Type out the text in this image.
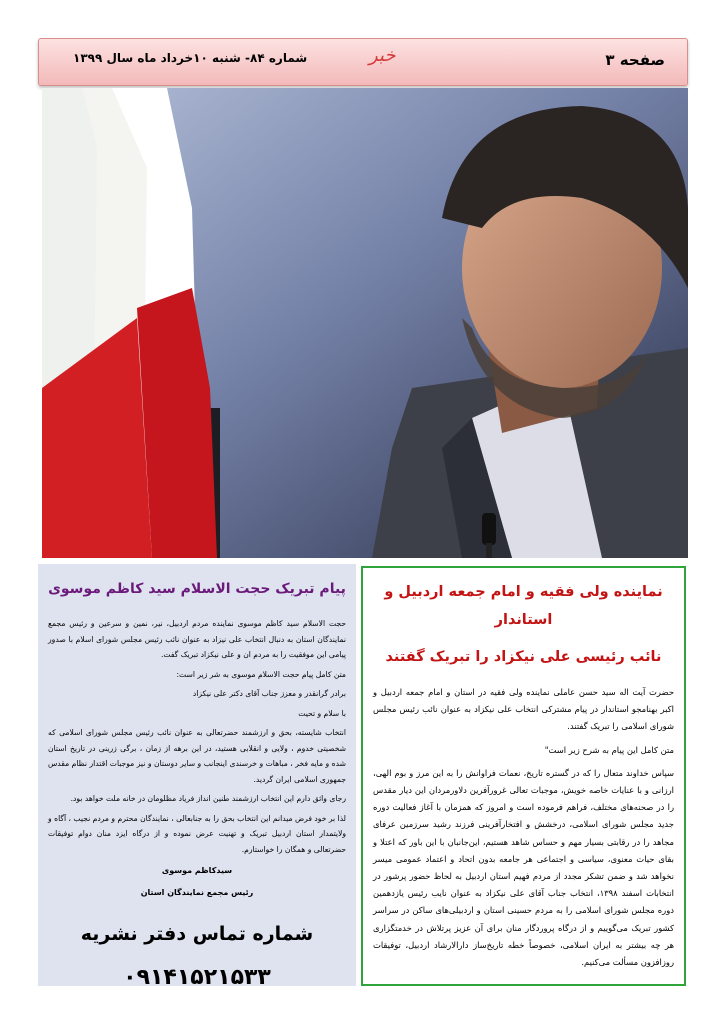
صفحه ۳
خبر
شماره ۸۴- شنبه ۱۰خرداد ماه سال ۱۳۹۹
نماینده ولی فقیه و امام جمعه اردبیل و استاندار
نائب رئیسی علی نیکزاد را تبریک گفتند

حضرت آیت اله سید حسن عاملی نماینده ولی فقیه در استان و امام جمعه اردبیل و اکبر بهنامجو استاندار در پیام مشترکی انتخاب علی نیکزاد به عنوان نائب رئیس مجلس شورای اسلامی را تبریک گفتند.

متن کامل این پیام به شرح زیر است"

سپاس خداوند متعال را که در گستره تاریخ، نعمات فراوانش را به این مرز و بوم الهی، ارزانی و با عنایات خاصه خویش، موجبات تعالی غرورآفرین دلاورمردان این دیار مقدس را در صحنه‌های مختلف، فراهم فرموده است و امروز که همزمان با آغاز فعالیت دوره جدید مجلس شورای اسلامی، درخشش و افتخارآفرینی فرزند رشید سرزمین عرفای مجاهد را در رقابتی بسیار مهم و حساس شاهد هستیم، این‌جانبان با این باور که اعتلا و بقای حیات معنوی، سیاسی و اجتماعی هر جامعه بدون اتحاد و اعتماد عمومی میسر نخواهد شد و ضمن تشکر مجدد از مردم فهیم استان اردبیل به لحاظ حضور پرشور در انتخابات اسفند ۱۳۹۸، انتخاب جناب آقای علی نیکزاد به عنوان نایب رئیس یازدهمین دوره مجلس شورای اسلامی را به مردم حسینی استان و اردبیلی‌های ساکن در سراسر کشور تبریک می‌گوییم و از درگاه پروردگار منان برای آن عزیز پرتلاش در خدمتگزاری هر چه بیشتر به ایران اسلامی، خصوصاً خطه تاریخ‌ساز دارالارشاد اردبیل، توفیقات روزافزون مسألت می‌کنیم.

پیام تبریک حجت الاسلام سید کاظم موسوی

حجت الاسلام سید کاظم موسوی نماینده مردم اردبیل، نیر، نمین و سرعین و رئیس مجمع نمایندگان استان به دنبال انتخاب علی نیزاد به عنوان نائب رئیس مجلس شورای اسلام با صدور پیامی این موفقیت را به مردم ان و علی نیکزاد تبریک گفت.

متن کامل پیام حجت الاسلام موسوی به شر زیر است:

برادر گرانقدر و معزز جناب آقای دکتر علی نیکزاد

با سلام و تحیت

انتخاب شایسته، بحق و ارزشمند حضرتعالی به عنوان نائب رئیس مجلس شورای اسلامی که شخصیتی خدوم ، ولایی و انقلابی هستید، در این برهه از زمان ، برگی زرینی در تاریخ استان شده و مایه فخر ، مباهات و خرسندی اینجانب و سایر دوستان و نیز موجبات اقتدار نظام مقدس جمهوری اسلامی ایران گردید.

رجای واثق دارم این انتخاب ارزشمند طنین انداز فریاد مظلومان در خانه ملت خواهد بود.

لذا بر خود فرض میدانم این انتخاب بحق را به جنابعالی ، نمایندگان محترم و مردم نجیب ، آگاه و ولایتمدار استان اردبیل تبریک و تهنیت عرض نموده و از درگاه ایزد منان دوام توفیقات حضرتعالی و همگان را خواستارم.

سیدکاظم موسوی
رئیس مجمع نمایندگان استان
شماره تماس دفتر نشریه
۰۹۱۴۱۵۲۱۵۳۳
